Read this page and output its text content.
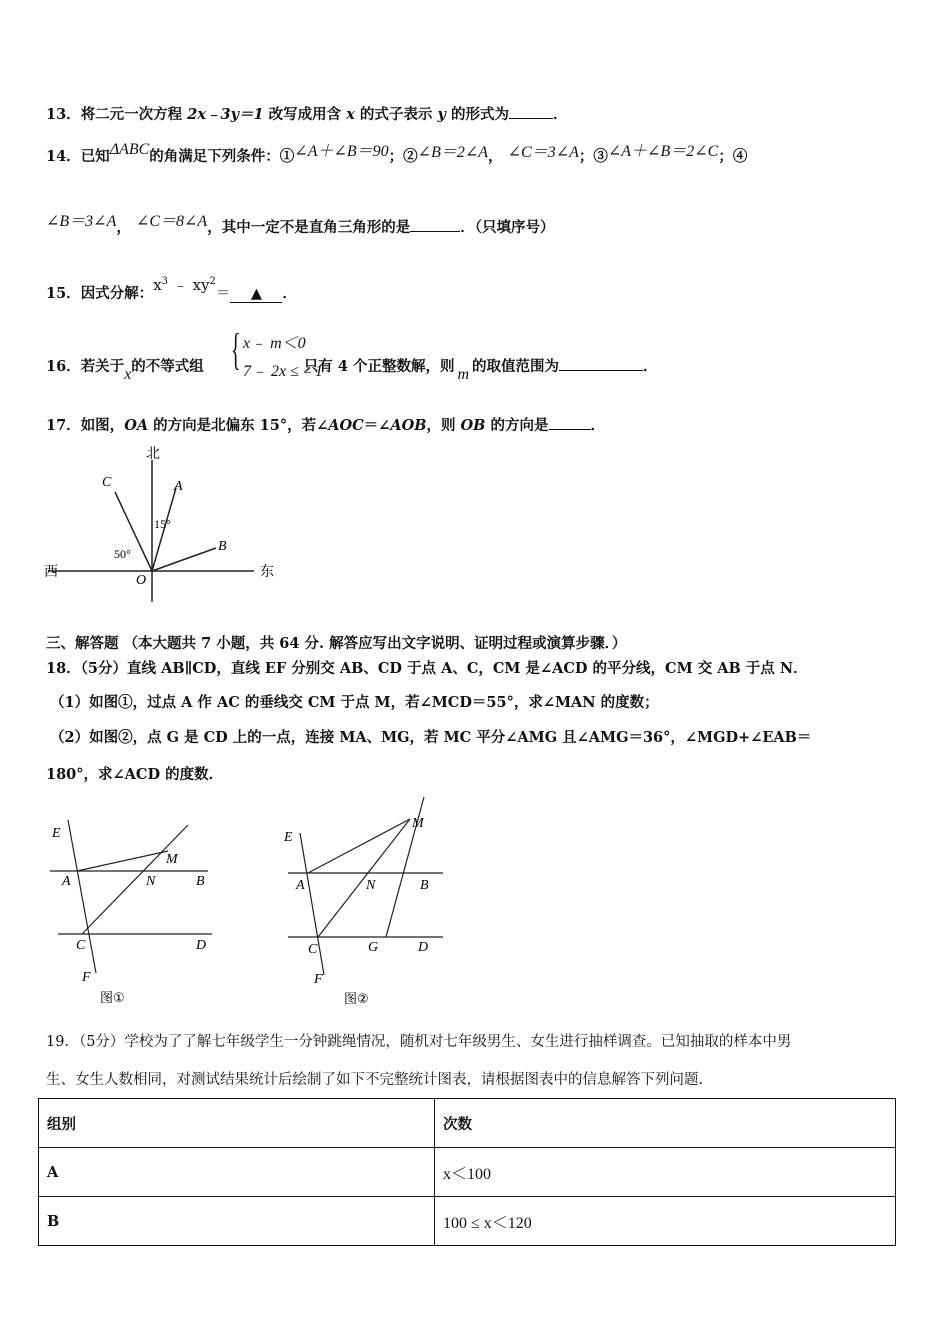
13．将二元一次方程 2x﹣3y＝1 改写成用含 x 的式子表示 y 的形式为	．
14．已知ΔABC的角满足下列条件：①∠A＋∠B＝90；②∠B＝2∠A， ∠C＝3∠A；③∠A＋∠B＝2∠C；④
∠B＝3∠A， ∠C＝8∠A，其中一定不是直角三角形的是	．（只填序号）
15．因式分解：$x^3$ ﹣ $xy^2=$ ▲ ．
{ x﹣ m＜0
7﹣ 2x ≤﹣1
16．若关于x的不等式组	只有 4 个正整数解，则 m 的取值范围为	．
17．如图，OA 的方向是北偏东 15°，若∠AOC＝∠AOB，则 OB 的方向是	．
北
西	东
C	A
B
O
15°
50°
三、解答题 （本大题共 7 小题，共 64 分. 解答应写出文字说明、证明过程或演算步骤．）
18．（5分）直线 AB∥CD，直线 EF 分别交 AB、CD 于点 A、C，CM 是∠ACD 的平分线，CM 交 AB 于点 N．
（1）如图①，过点 A 作 AC 的垂线交 CM 于点 M，若∠MCD＝55°，求∠MAN 的度数；
（2）如图②，点 G 是 CD 上的一点，连接 MA、MG，若 MC 平分∠AMG 且∠AMG＝36°，∠MGD+∠EAB＝
180°，求∠ACD 的度数．
E
A	N
M
B
C	D
F
图①
E
A	N
M
B
C	G	D
F
图②
19．（5分）学校为了了解七年级学生一分钟跳绳情况，随机对七年级男生、女生进行抽样调查。已知抽取的样本中男
生、女生人数相同，对测试结果统计后绘制了如下不完整统计图表，请根据图表中的信息解答下列问题.
组别	次数
A	x＜100
B	100 ≤ x＜120
